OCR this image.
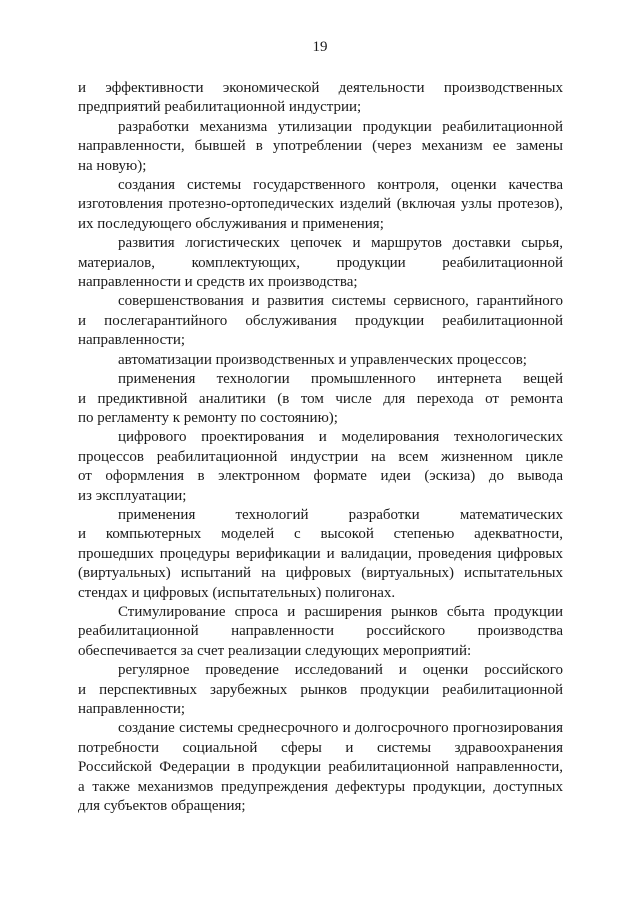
19
и эффективности экономической деятельности производственных
предприятий реабилитационной индустрии;
разработки механизма утилизации продукции реабилитационной
направленности, бывшей в употреблении (через механизм ее замены
на новую);
создания системы государственного контроля, оценки качества
изготовления протезно-ортопедических изделий (включая узлы протезов),
их последующего обслуживания и применения;
развития логистических цепочек и маршрутов доставки сырья,
материалов, комплектующих, продукции реабилитационной
направленности и средств их производства;
совершенствования и развития системы сервисного, гарантийного
и послегарантийного обслуживания продукции реабилитационной
направленности;
автоматизации производственных и управленческих процессов;
применения технологии промышленного интернета вещей
и предиктивной аналитики (в том числе для перехода от ремонта
по регламенту к ремонту по состоянию);
цифрового проектирования и моделирования технологических
процессов реабилитационной индустрии на всем жизненном цикле
от оформления в электронном формате идеи (эскиза) до вывода
из эксплуатации;
применения технологий разработки математических
и компьютерных моделей с высокой степенью адекватности,
прошедших процедуры верификации и валидации, проведения цифровых
(виртуальных) испытаний на цифровых (виртуальных) испытательных
стендах и цифровых (испытательных) полигонах.
Стимулирование спроса и расширения рынков сбыта продукции
реабилитационной направленности российского производства
обеспечивается за счет реализации следующих мероприятий:
регулярное проведение исследований и оценки российского
и перспективных зарубежных рынков продукции реабилитационной
направленности;
создание системы среднесрочного и долгосрочного прогнозирования
потребности социальной сферы и системы здравоохранения
Российской Федерации в продукции реабилитационной направленности,
а также механизмов предупреждения дефектуры продукции, доступных
для субъектов обращения;
